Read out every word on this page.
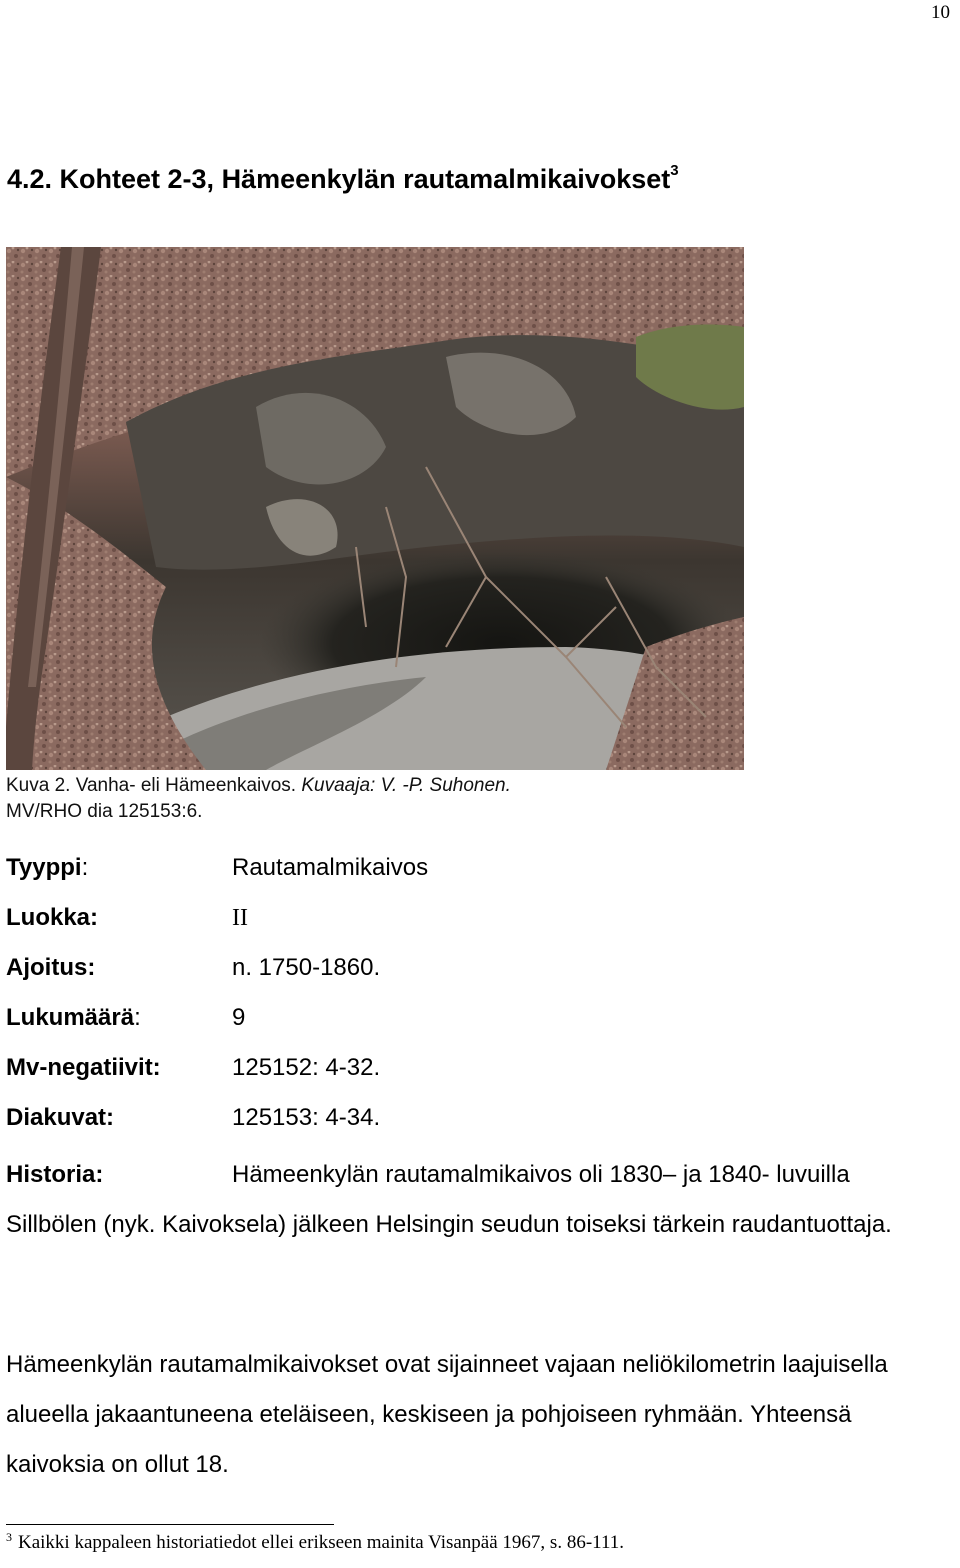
10
4.2. Kohteet 2-3, Hämeenkylän rautamalmikaivokset$^3$
Kuva 2. Vanha- eli Hämeenkaivos. Kuvaaja: V. -P. Suhonen.
MV/RHO dia 125153:6.
Tyyppi:	Rautamalmikaivos
Luokka:	II
Ajoitus:	n. 1750-1860.
Lukumäärä:	9
Mv-negatiivit:	125152: 4-32.
Diakuvat:	125153: 4-34.
Historia:	Hämeenkylän rautamalmikaivos oli 1830– ja 1840- luvuilla Sillbölen (nyk. Kaivoksela) jälkeen Helsingin seudun toiseksi tärkein raudantuottaja.
Hämeenkylän rautamalmikaivokset ovat sijainneet vajaan neliökilometrin laajuisella alueella jakaantuneena eteläiseen, keskiseen ja pohjoiseen ryhmään. Yhteensä kaivoksia on ollut 18.
$^3$ Kaikki kappaleen historiatiedot ellei erikseen mainita Visanpää 1967, s. 86-111.
